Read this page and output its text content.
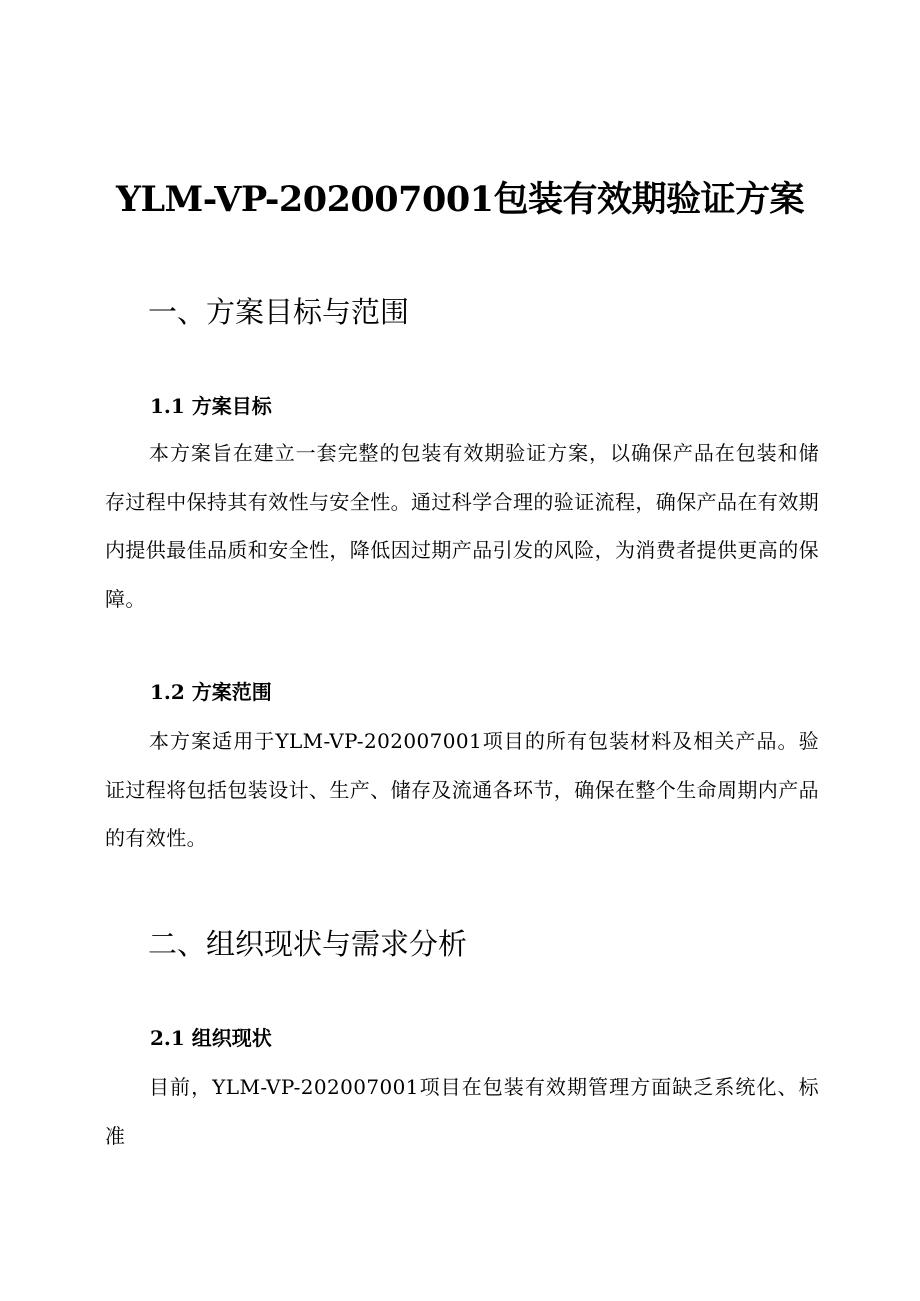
YLM-VP-202007001包装有效期验证方案
一、方案目标与范围
1.1 方案目标

本方案旨在建立一套完整的包装有效期验证方案，以确保产品在包装和储存过程中保持其有效性与安全性。通过科学合理的验证流程，确保产品在有效期内提供最佳品质和安全性，降低因过期产品引发的风险，为消费者提供更高的保障。

1.2 方案范围

本方案适用于YLM-VP-202007001项目的所有包装材料及相关产品。验证过程将包括包装设计、生产、储存及流通各环节，确保在整个生命周期内产品的有效性。

二、组织现状与需求分析
2.1 组织现状

目前，YLM-VP-202007001项目在包装有效期管理方面缺乏系统化、标准
